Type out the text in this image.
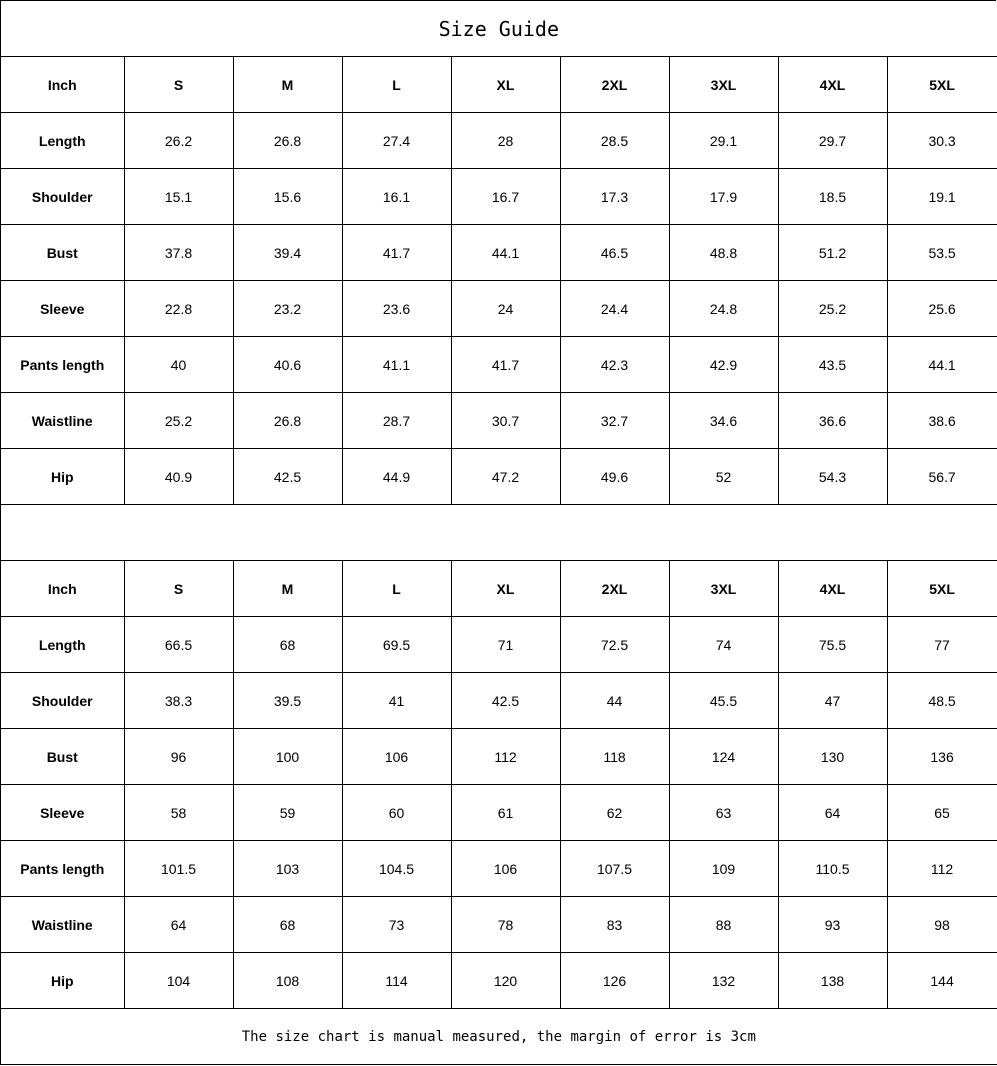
Size Guide								
Inch	S	M	L	XL	2XL	3XL	4XL	5XL
Length	26.2	26.8	27.4	28	28.5	29.1	29.7	30.3
Shoulder	15.1	15.6	16.1	16.7	17.3	17.9	18.5	19.1
Bust	37.8	39.4	41.7	44.1	46.5	48.8	51.2	53.5
Sleeve	22.8	23.2	23.6	24	24.4	24.8	25.2	25.6
Pants length	40	40.6	41.1	41.7	42.3	42.9	43.5	44.1
Waistline	25.2	26.8	28.7	30.7	32.7	34.6	36.6	38.6
Hip	40.9	42.5	44.9	47.2	49.6	52	54.3	56.7

Inch	S	M	L	XL	2XL	3XL	4XL	5XL
Length	66.5	68	69.5	71	72.5	74	75.5	77
Shoulder	38.3	39.5	41	42.5	44	45.5	47	48.5
Bust	96	100	106	112	118	124	130	136
Sleeve	58	59	60	61	62	63	64	65
Pants length	101.5	103	104.5	106	107.5	109	110.5	112
Waistline	64	68	73	78	83	88	93	98
Hip	104	108	114	120	126	132	138	144
The size chart is manual measured, the margin of error is 3cm								
